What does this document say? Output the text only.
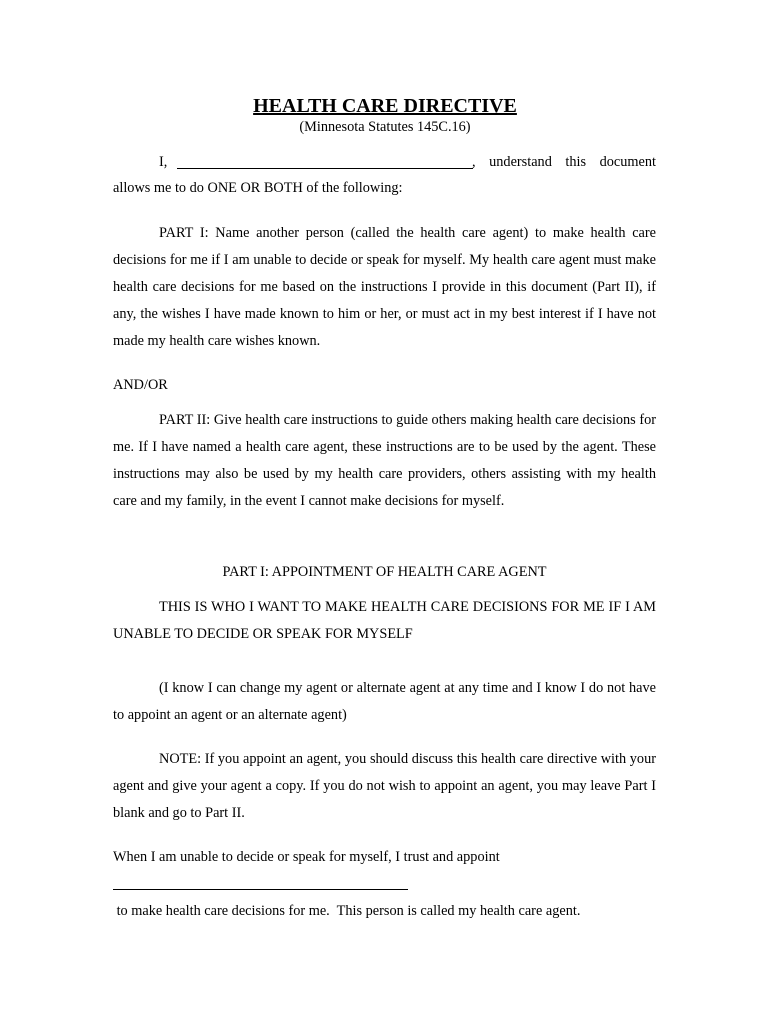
HEALTH CARE DIRECTIVE
(Minnesota Statutes 145C.16)
I,	, understand this document
allows me to do ONE OR BOTH of the following:

PART I: Name another person (called the health care agent) to make health care decisions for me if I am unable to decide or speak for myself. My health care agent must make health care decisions for me based on the instructions I provide in this document (Part II), if any, the wishes I have made known to him or her, or must act in my best interest if I have not made my health care wishes known.

AND/OR

PART II: Give health care instructions to guide others making health care decisions for me. If I have named a health care agent, these instructions are to be used by the agent. These instructions may also be used by my health care providers, others assisting with my health care and my family, in the event I cannot make decisions for myself.

PART I: APPOINTMENT OF HEALTH CARE AGENT

THIS IS WHO I WANT TO MAKE HEALTH CARE DECISIONS FOR ME IF I AM UNABLE TO DECIDE OR SPEAK FOR MYSELF

(I know I can change my agent or alternate agent at any time and I know I do not have to appoint an agent or an alternate agent)

NOTE: If you appoint an agent, you should discuss this health care directive with your agent and give your agent a copy. If you do not wish to appoint an agent, you may leave Part I blank and go to Part II.

When I am unable to decide or speak for myself, I trust and appoint
to make health care decisions for me.  This person is called my health care agent.
